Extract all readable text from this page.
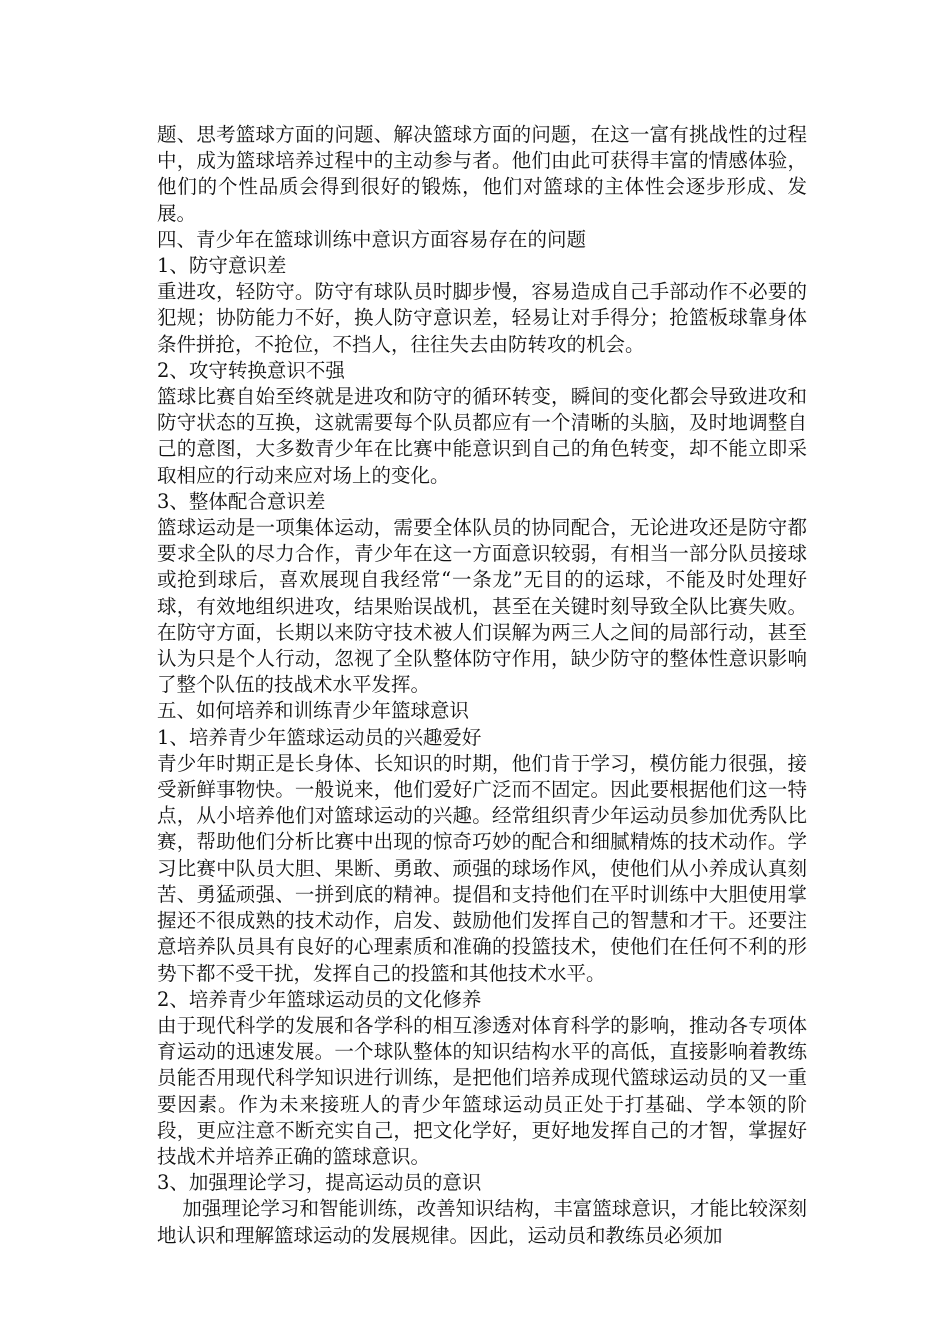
题、思考篮球方面的问题、解决篮球方面的问题，在这一富有挑战性的过程中，成为篮球培养过程中的主动参与者。他们由此可获得丰富的情感体验，他们的个性品质会得到很好的锻炼，他们对篮球的主体性会逐步形成、发展。

四、青少年在篮球训练中意识方面容易存在的问题

1、防守意识差

重进攻，轻防守。防守有球队员时脚步慢，容易造成自己手部动作不必要的犯规；协防能力不好，换人防守意识差，轻易让对手得分；抢篮板球靠身体条件拼抢，不抢位，不挡人，往往失去由防转攻的机会。

2、攻守转换意识不强

篮球比赛自始至终就是进攻和防守的循环转变，瞬间的变化都会导致进攻和防守状态的互换，这就需要每个队员都应有一个清晰的头脑，及时地调整自己的意图，大多数青少年在比赛中能意识到自己的角色转变，却不能立即采取相应的行动来应对场上的变化。

3、整体配合意识差

篮球运动是一项集体运动，需要全体队员的协同配合，无论进攻还是防守都要求全队的尽力合作，青少年在这一方面意识较弱，有相当一部分队员接球或抢到球后，喜欢展现自我经常“一条龙”无目的的运球，不能及时处理好球，有效地组织进攻，结果贻误战机，甚至在关键时刻导致全队比赛失败。在防守方面，长期以来防守技术被人们误解为两三人之间的局部行动，甚至认为只是个人行动，忽视了全队整体防守作用，缺少防守的整体性意识影响了整个队伍的技战术水平发挥。

五、如何培养和训练青少年篮球意识

1、培养青少年篮球运动员的兴趣爱好

青少年时期正是长身体、长知识的时期，他们肯于学习，模仿能力很强，接受新鲜事物快。一般说来，他们爱好广泛而不固定。因此要根据他们这一特点，从小培养他们对篮球运动的兴趣。经常组织青少年运动员参加优秀队比赛，帮助他们分析比赛中出现的惊奇巧妙的配合和细腻精炼的技术动作。学习比赛中队员大胆、果断、勇敢、顽强的球场作风，使他们从小养成认真刻苦、勇猛顽强、一拼到底的精神。提倡和支持他们在平时训练中大胆使用掌握还不很成熟的技术动作，启发、鼓励他们发挥自己的智慧和才干。还要注意培养队员具有良好的心理素质和准确的投篮技术，使他们在任何不利的形势下都不受干扰，发挥自己的投篮和其他技术水平。

2、培养青少年篮球运动员的文化修养

由于现代科学的发展和各学科的相互渗透对体育科学的影响，推动各专项体育运动的迅速发展。一个球队整体的知识结构水平的高低，直接影响着教练员能否用现代科学知识进行训练，是把他们培养成现代篮球运动员的又一重要因素。作为未来接班人的青少年篮球运动员正处于打基础、学本领的阶段，更应注意不断充实自己，把文化学好，更好地发挥自己的才智，掌握好技战术并培养正确的篮球意识。

3、加强理论学习，提高运动员的意识

加强理论学习和智能训练，改善知识结构，丰富篮球意识，才能比较深刻地认识和理解篮球运动的发展规律。因此，运动员和教练员必须加
